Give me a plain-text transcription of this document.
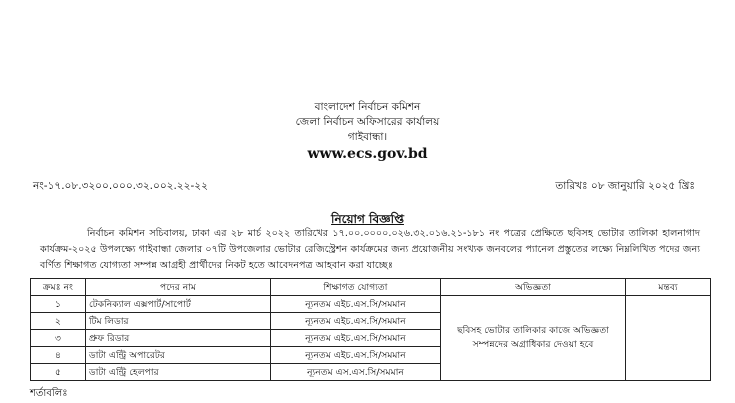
বাংলাদেশ নির্বাচন কমিশন
জেলা নির্বাচন অফিসারের কার্যালয়
গাইবান্ধা।
www.ecs.gov.bd
নং-১৭.০৮.৩২০০.০০০.৩২.০০২.২২-২২	তারিখঃ ০৮ জানুয়ারি ২০২৫ খ্রিঃ
নিয়োগ বিজ্ঞপ্তি
নির্বাচন কমিশন সচিবালয়, ঢাকা এর ২৮ মার্চ ২০২২ তারিখের ১৭.০০.০০০০.০২৬.৩২.০১৬.২১-১৮১ নং পত্রের প্রেক্ষিতে ছবিসহ ভোটার তালিকা হালনাগাদ কার্যক্রম-২০২৫ উপলক্ষ্যে গাইবান্ধা জেলার ০৭টি উপজেলার ভোটার রেজিস্ট্রেশন কার্যক্রমের জন্য প্রয়োজনীয় সংখ্যক জনবলের প্যানেল প্রস্তুতের লক্ষ্যে নিম্নলিখিত পদের জন্য বর্ণিত শিক্ষাগত যোগ্যতা সম্পন্ন আগ্রহী প্রার্থীদের নিকট হতে আবেদনপত্র আহবান করা যাচ্ছেঃ
ক্রমঃ নং	পদের নাম	শিক্ষাগত যোগ্যতা	অভিজ্ঞতা	মন্তব্য
১	টেকনিক্যাল এক্সপার্ট/সাপোর্ট	ন্যূনতম এইচ.এস.সি/সমমান	ছবিসহ ভোটার তালিকার কাজে অভিজ্ঞতা সম্পন্নদের অগ্রাধিকার দেওয়া হবে	
২	টিম লিডার	ন্যূনতম এইচ.এস.সি/সমমান		
৩	প্রুফ রিডার	ন্যূনতম এইচ.এস.সি/সমমান		
৪	ডাটা এন্ট্রি অপারেটর	ন্যূনতম এইচ.এস.সি/সমমান		
৫	ডাটা এন্ট্রি হেলপার	ন্যূনতম এস.এস.সি/সমমান		
শর্তাবলিঃ
